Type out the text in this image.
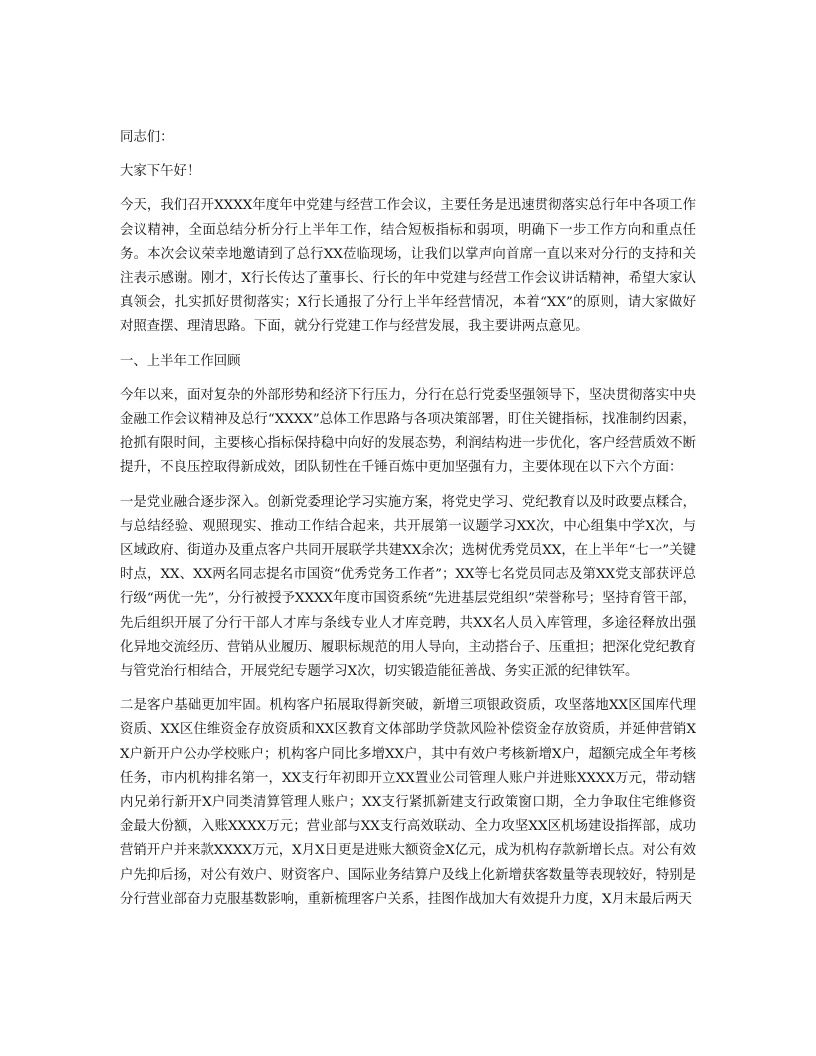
同志们：

大家下午好！

今天，我们召开XXXX年度年中党建与经营工作会议，主要任务是迅速贯彻落实总行年中各项工作会议精神，全面总结分析分行上半年工作，结合短板指标和弱项，明确下一步工作方向和重点任务。本次会议荣幸地邀请到了总行XX莅临现场，让我们以掌声向首席一直以来对分行的支持和关注表示感谢。刚才，X行长传达了董事长、行长的年中党建与经营工作会议讲话精神，希望大家认真领会，扎实抓好贯彻落实；X行长通报了分行上半年经营情况，本着“XX”的原则，请大家做好对照查摆、理清思路。下面，就分行党建工作与经营发展，我主要讲两点意见。

一、上半年工作回顾

今年以来，面对复杂的外部形势和经济下行压力，分行在总行党委坚强领导下，坚决贯彻落实中央金融工作会议精神及总行“XXXX”总体工作思路与各项决策部署，盯住关键指标，找准制约因素，抢抓有限时间，主要核心指标保持稳中向好的发展态势，利润结构进一步优化，客户经营质效不断提升，不良压控取得新成效，团队韧性在千锤百炼中更加坚强有力，主要体现在以下六个方面：

一是党业融合逐步深入。创新党委理论学习实施方案，将党史学习、党纪教育以及时政要点糅合，与总结经验、观照现实、推动工作结合起来，共开展第一议题学习XX次，中心组集中学X次，与区域政府、街道办及重点客户共同开展联学共建XX余次；选树优秀党员XX，在上半年“七一”关键时点，XX、XX两名同志提名市国资“优秀党务工作者”；XX等七名党员同志及第XX党支部获评总行级“两优一先”，分行被授予XXXX年度市国资系统“先进基层党组织”荣誉称号；坚持育管干部，先后组织开展了分行干部人才库与条线专业人才库竞聘，共XX名人员入库管理，多途径释放出强化异地交流经历、营销从业履历、履职标规范的用人导向，主动搭台子、压重担；把深化党纪教育与管党治行相结合，开展党纪专题学习X次，切实锻造能征善战、务实正派的纪律铁军。

二是客户基础更加牢固。机构客户拓展取得新突破，新增三项银政资质，攻坚落地XX区国库代理资质、XX区住维资金存放资质和XX区教育文体部助学贷款风险补偿资金存放资质，并延伸营销XX户新开户公办学校账户；机构客户同比多增XX户，其中有效户考核新增X户，超额完成全年考核任务，市内机构排名第一，XX支行年初即开立XX置业公司管理人账户并进账XXXX万元，带动辖内兄弟行新开X户同类清算管理人账户；XX支行紧抓新建支行政策窗口期，全力争取住宅维修资金最大份额，入账XXXX万元；营业部与XX支行高效联动、全力攻坚XX区机场建设指挥部，成功营销开户并来款XXXX万元，X月X日更是进账大额资金X亿元，成为机构存款新增长点。对公有效户先抑后扬，对公有效户、财资客户、国际业务结算户及线上化新增获客数量等表现较好，特别是分行营业部奋力克服基数影响，重新梳理客户关系，挂图作战加大有效提升力度，X月末最后两天
